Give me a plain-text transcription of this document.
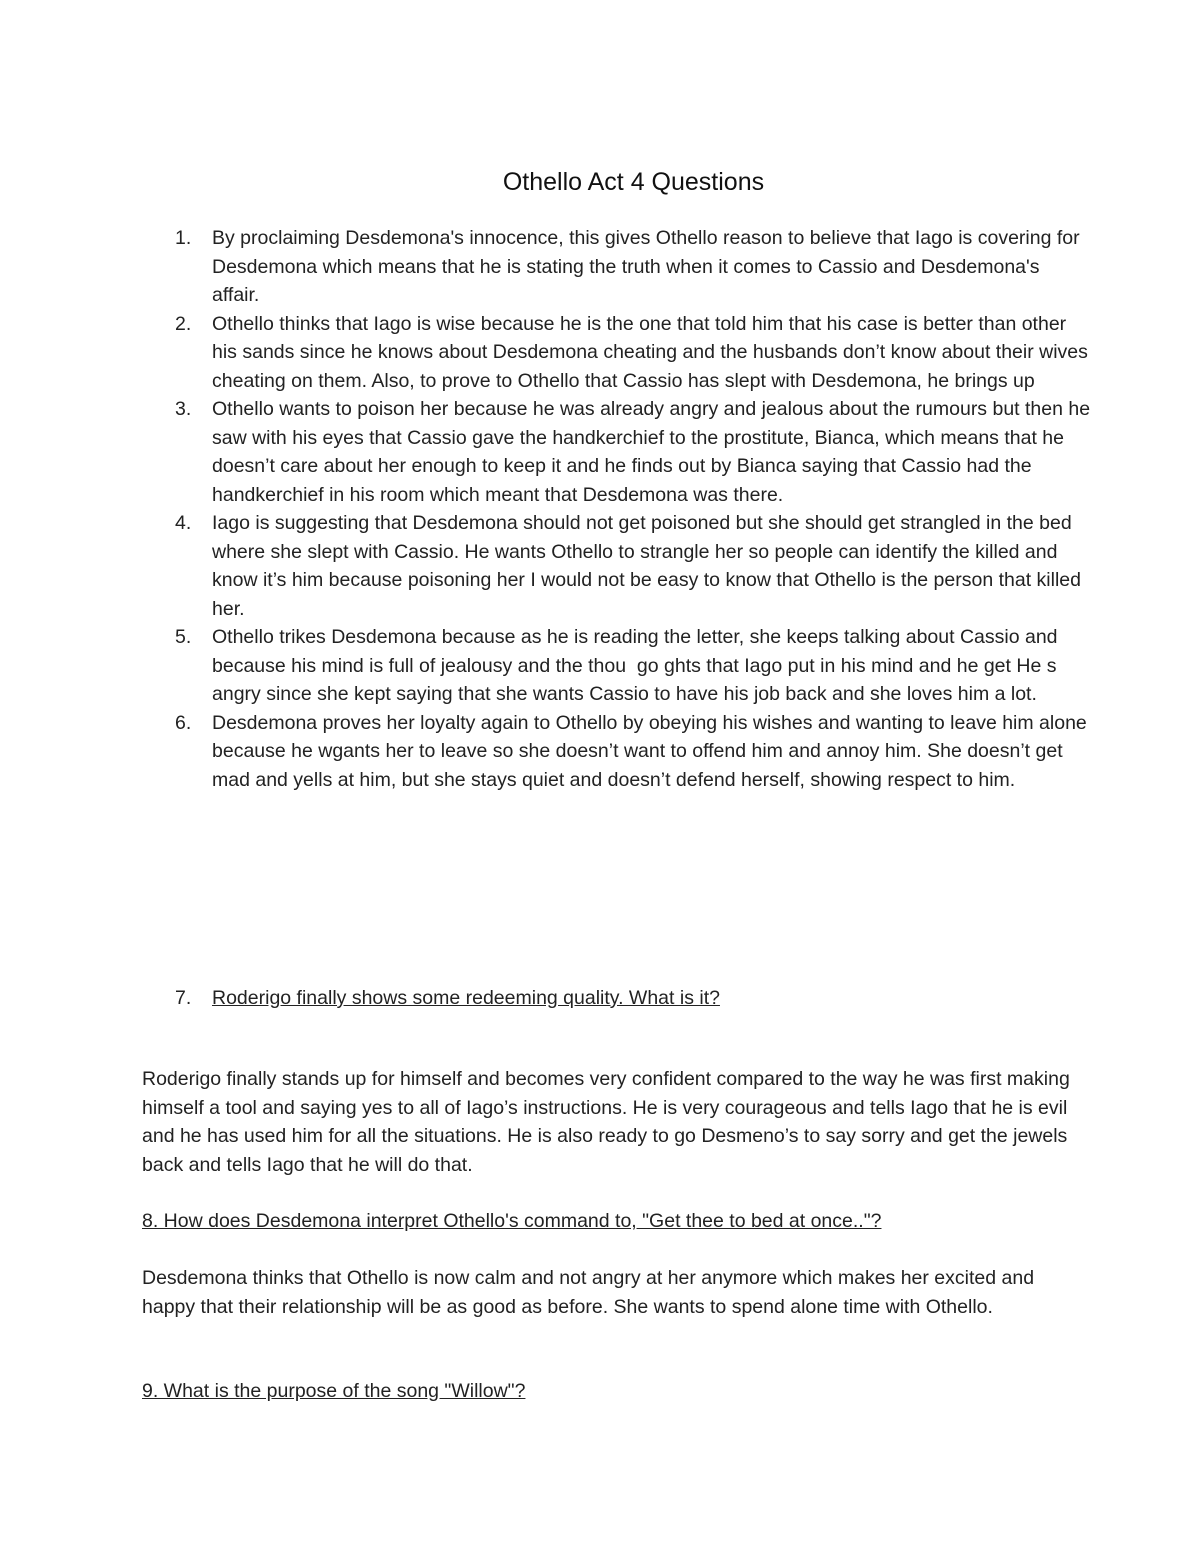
Othello Act 4 Questions
1. By proclaiming Desdemona's innocence, this gives Othello reason to believe that Iago is covering for Desdemona which means that he is stating the truth when it comes to Cassio and Desdemona's affair.
2. Othello thinks that Iago is wise because he is the one that told him that his case is better than other his sands since he knows about Desdemona cheating and the husbands don’t know about their wives cheating on them. Also, to prove to Othello that Cassio has slept with Desdemona, he brings up
3. Othello wants to poison her because he was already angry and jealous about the rumours but then he saw with his eyes that Cassio gave the handkerchief to the prostitute, Bianca, which means that he doesn’t care about her enough to keep it and he finds out by Bianca saying that Cassio had the handkerchief in his room which meant that Desdemona was there.
4. Iago is suggesting that Desdemona should not get poisoned but she should get strangled in the bed where she slept with Cassio. He wants Othello to strangle her so people can identify the killed and know it’s him because poisoning her I would not be easy to know that Othello is the person that killed her.
5. Othello trikes Desdemona because as he is reading the letter, she keeps talking about Cassio and because his mind is full of jealousy and the thou  go ghts that Iago put in his mind and he get He s angry since she kept saying that she wants Cassio to have his job back and she loves him a lot.
6. Desdemona proves her loyalty again to Othello by obeying his wishes and wanting to leave him alone because he wgants her to leave so she doesn’t want to offend him and annoy him. She doesn’t get mad and yells at him, but she stays quiet and doesn’t defend herself, showing respect to him.
7. Roderigo finally shows some redeeming quality. What is it?

Roderigo finally stands up for himself and becomes very confident compared to the way he was first making himself a tool and saying yes to all of Iago’s instructions. He is very courageous and tells Iago that he is evil and he has used him for all the situations. He is also ready to go Desmeno’s to say sorry and get the jewels back and tells Iago that he will do that.

8. How does Desdemona interpret Othello's command to, "Get thee to bed at once.."?

Desdemona thinks that Othello is now calm and not angry at her anymore which makes her excited and happy that their relationship will be as good as before. She wants to spend alone time with Othello.

9. What is the purpose of the song "Willow"?
